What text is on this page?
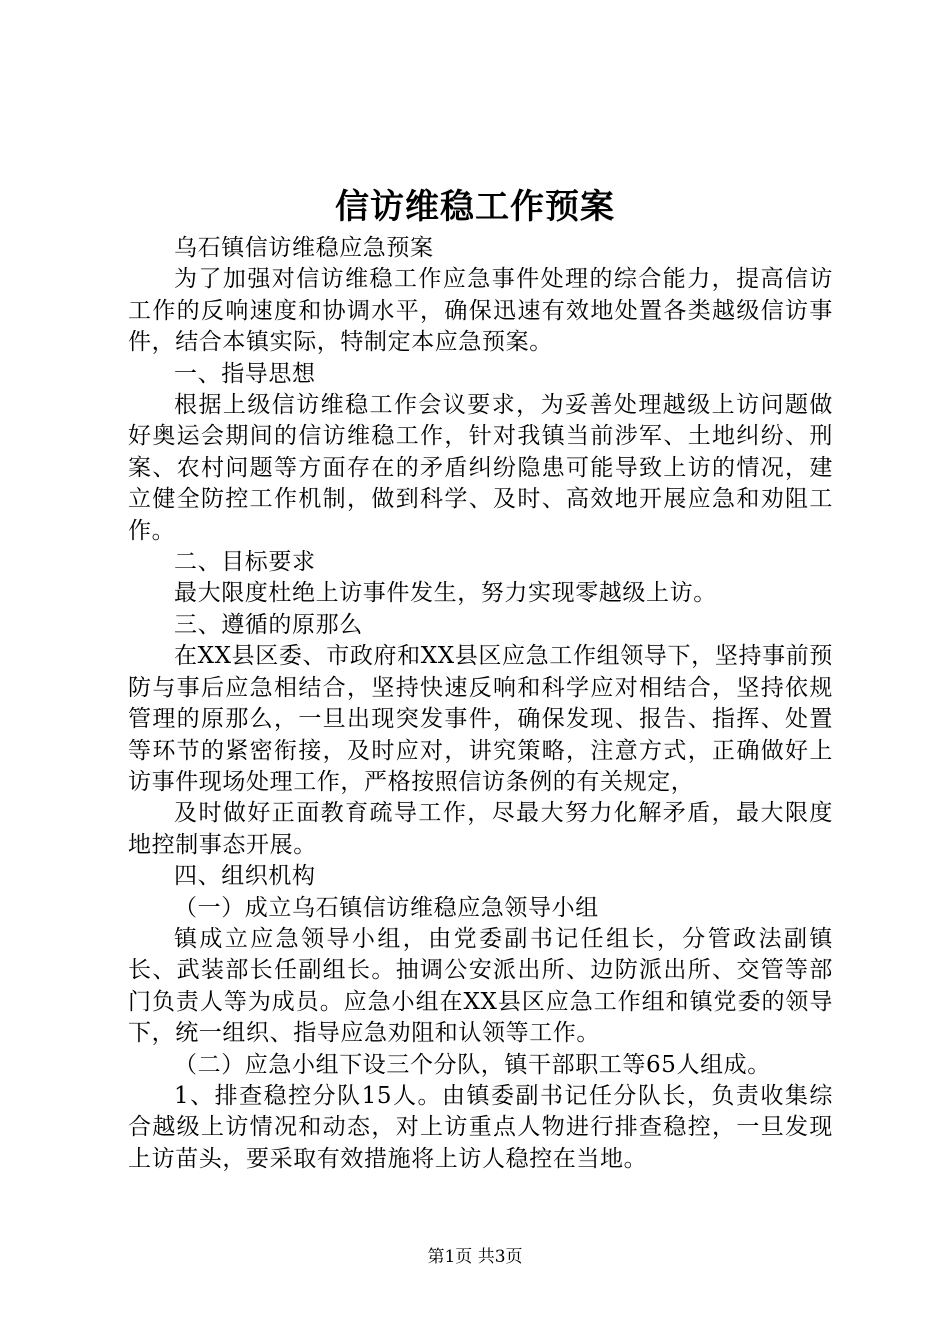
信访维稳工作预案

乌石镇信访维稳应急预案

为了加强对信访维稳工作应急事件处理的综合能力，提高信访工作的反响速度和协调水平，确保迅速有效地处置各类越级信访事件，结合本镇实际，特制定本应急预案。

一、指导思想

根据上级信访维稳工作会议要求，为妥善处理越级上访问题做好奥运会期间的信访维稳工作，针对我镇当前涉军、土地纠纷、刑案、农村问题等方面存在的矛盾纠纷隐患可能导致上访的情况，建立健全防控工作机制，做到科学、及时、高效地开展应急和劝阻工作。

二、目标要求

最大限度杜绝上访事件发生，努力实现零越级上访。

三、遵循的原那么

在XX县区委、市政府和XX县区应急工作组领导下，坚持事前预防与事后应急相结合，坚持快速反响和科学应对相结合，坚持依规管理的原那么，一旦出现突发事件，确保发现、报告、指挥、处置等环节的紧密衔接，及时应对，讲究策略，注意方式，正确做好上访事件现场处理工作，严格按照信访条例的有关规定，

及时做好正面教育疏导工作，尽最大努力化解矛盾，最大限度地控制事态开展。

四、组织机构

（一）成立乌石镇信访维稳应急领导小组

镇成立应急领导小组，由党委副书记任组长，分管政法副镇长、武装部长任副组长。抽调公安派出所、边防派出所、交管等部门负责人等为成员。应急小组在XX县区应急工作组和镇党委的领导下，统一组织、指导应急劝阻和认领等工作。

（二）应急小组下设三个分队，镇干部职工等65人组成。

1、排查稳控分队15人。由镇委副书记任分队长，负责收集综合越级上访情况和动态，对上访重点人物进行排查稳控，一旦发现上访苗头，要采取有效措施将上访人稳控在当地。

第1页 共3页
